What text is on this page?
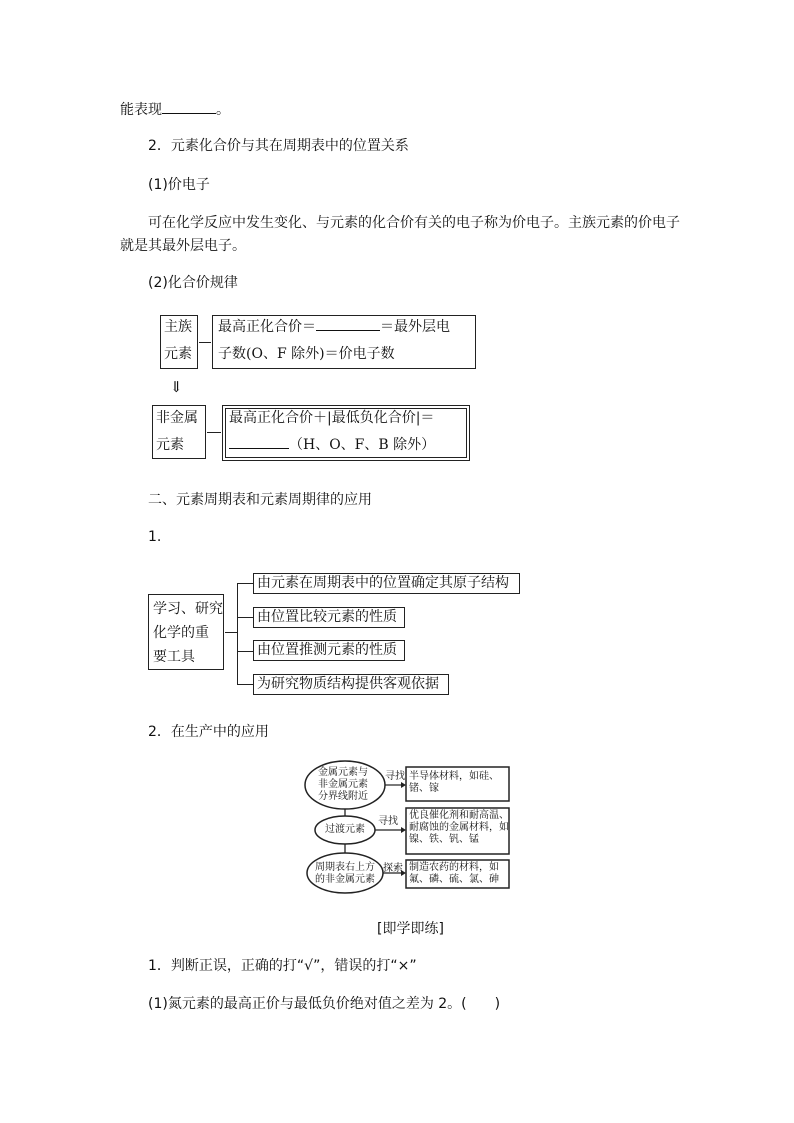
能表现	。
2．元素化合价与其在周期表中的位置关系
(1)价电子
可在化学反应中发生变化、与元素的化合价有关的电子称为价电子。主族元素的价电子
就是其最外层电子。
(2)化合价规律
主族
元素
最高正化合价＝	＝最外层电
子数(O、F 除外)＝价电子数
⇓
非金属
元素
最高正化合价＋|最低负化合价|＝
（H、O、F、B 除外）
二、元素周期表和元素周期律的应用
1.
学习、研究
化学的重
要工具
由元素在周期表中的位置确定其原子结构
由位置比较元素的性质
由位置推测元素的性质
为研究物质结构提供客观依据
2．在生产中的应用
金属元素与
非金属元素
分界线附近
寻找 半导体材料，如硅、
锗、镓
过渡元素
寻找
优良催化剂和耐高温、
耐腐蚀的金属材料，如
镍、铁、钒、锰
周期表右上方
的非金属元素
探索 制造农药的材料，如
氟、磷、硫、氯、砷
[即学即练]
1．判断正误，正确的打“√”，错误的打“×”
(1)氮元素的最高正价与最低负价绝对值之差为 2。(　　)
